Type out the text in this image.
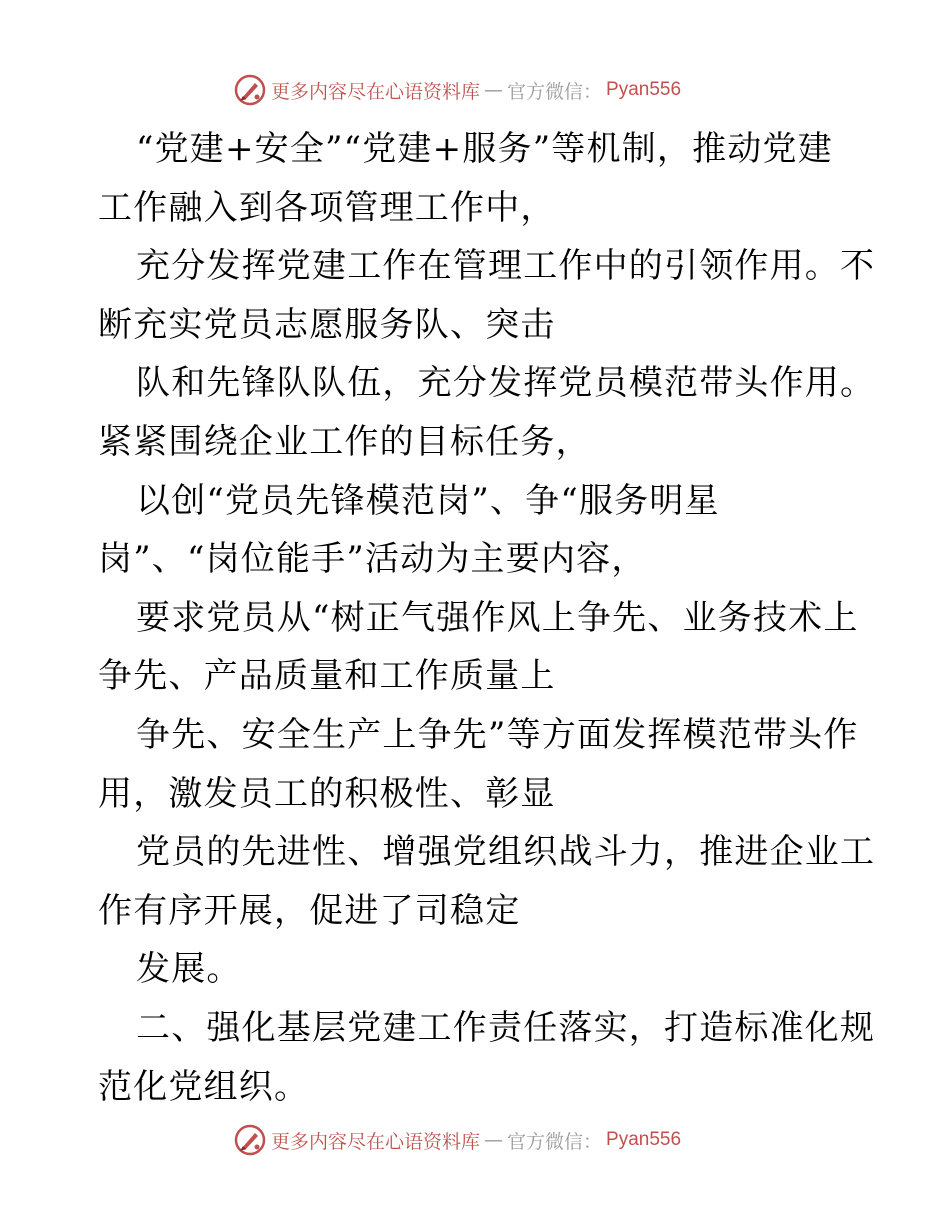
更多内容尽在心语资料库 — 官方微信： Pyan556
“党建+安全”“党建+服务”等机制，推动党建
工作融入到各项管理工作中，
充分发挥党建工作在管理工作中的引领作用。不
断充实党员志愿服务队、突击
队和先锋队队伍，充分发挥党员模范带头作用。
紧紧围绕企业工作的目标任务，
以创“党员先锋模范岗”、争“服务明星
岗”、“岗位能手”活动为主要内容，
要求党员从“树正气强作风上争先、业务技术上
争先、产品质量和工作质量上
争先、安全生产上争先”等方面发挥模范带头作
用，激发员工的积极性、彰显
党员的先进性、增强党组织战斗力，推进企业工
作有序开展，促进了司稳定
发展。
二、强化基层党建工作责任落实，打造标准化规
范化党组织。
更多内容尽在心语资料库 — 官方微信： Pyan556
